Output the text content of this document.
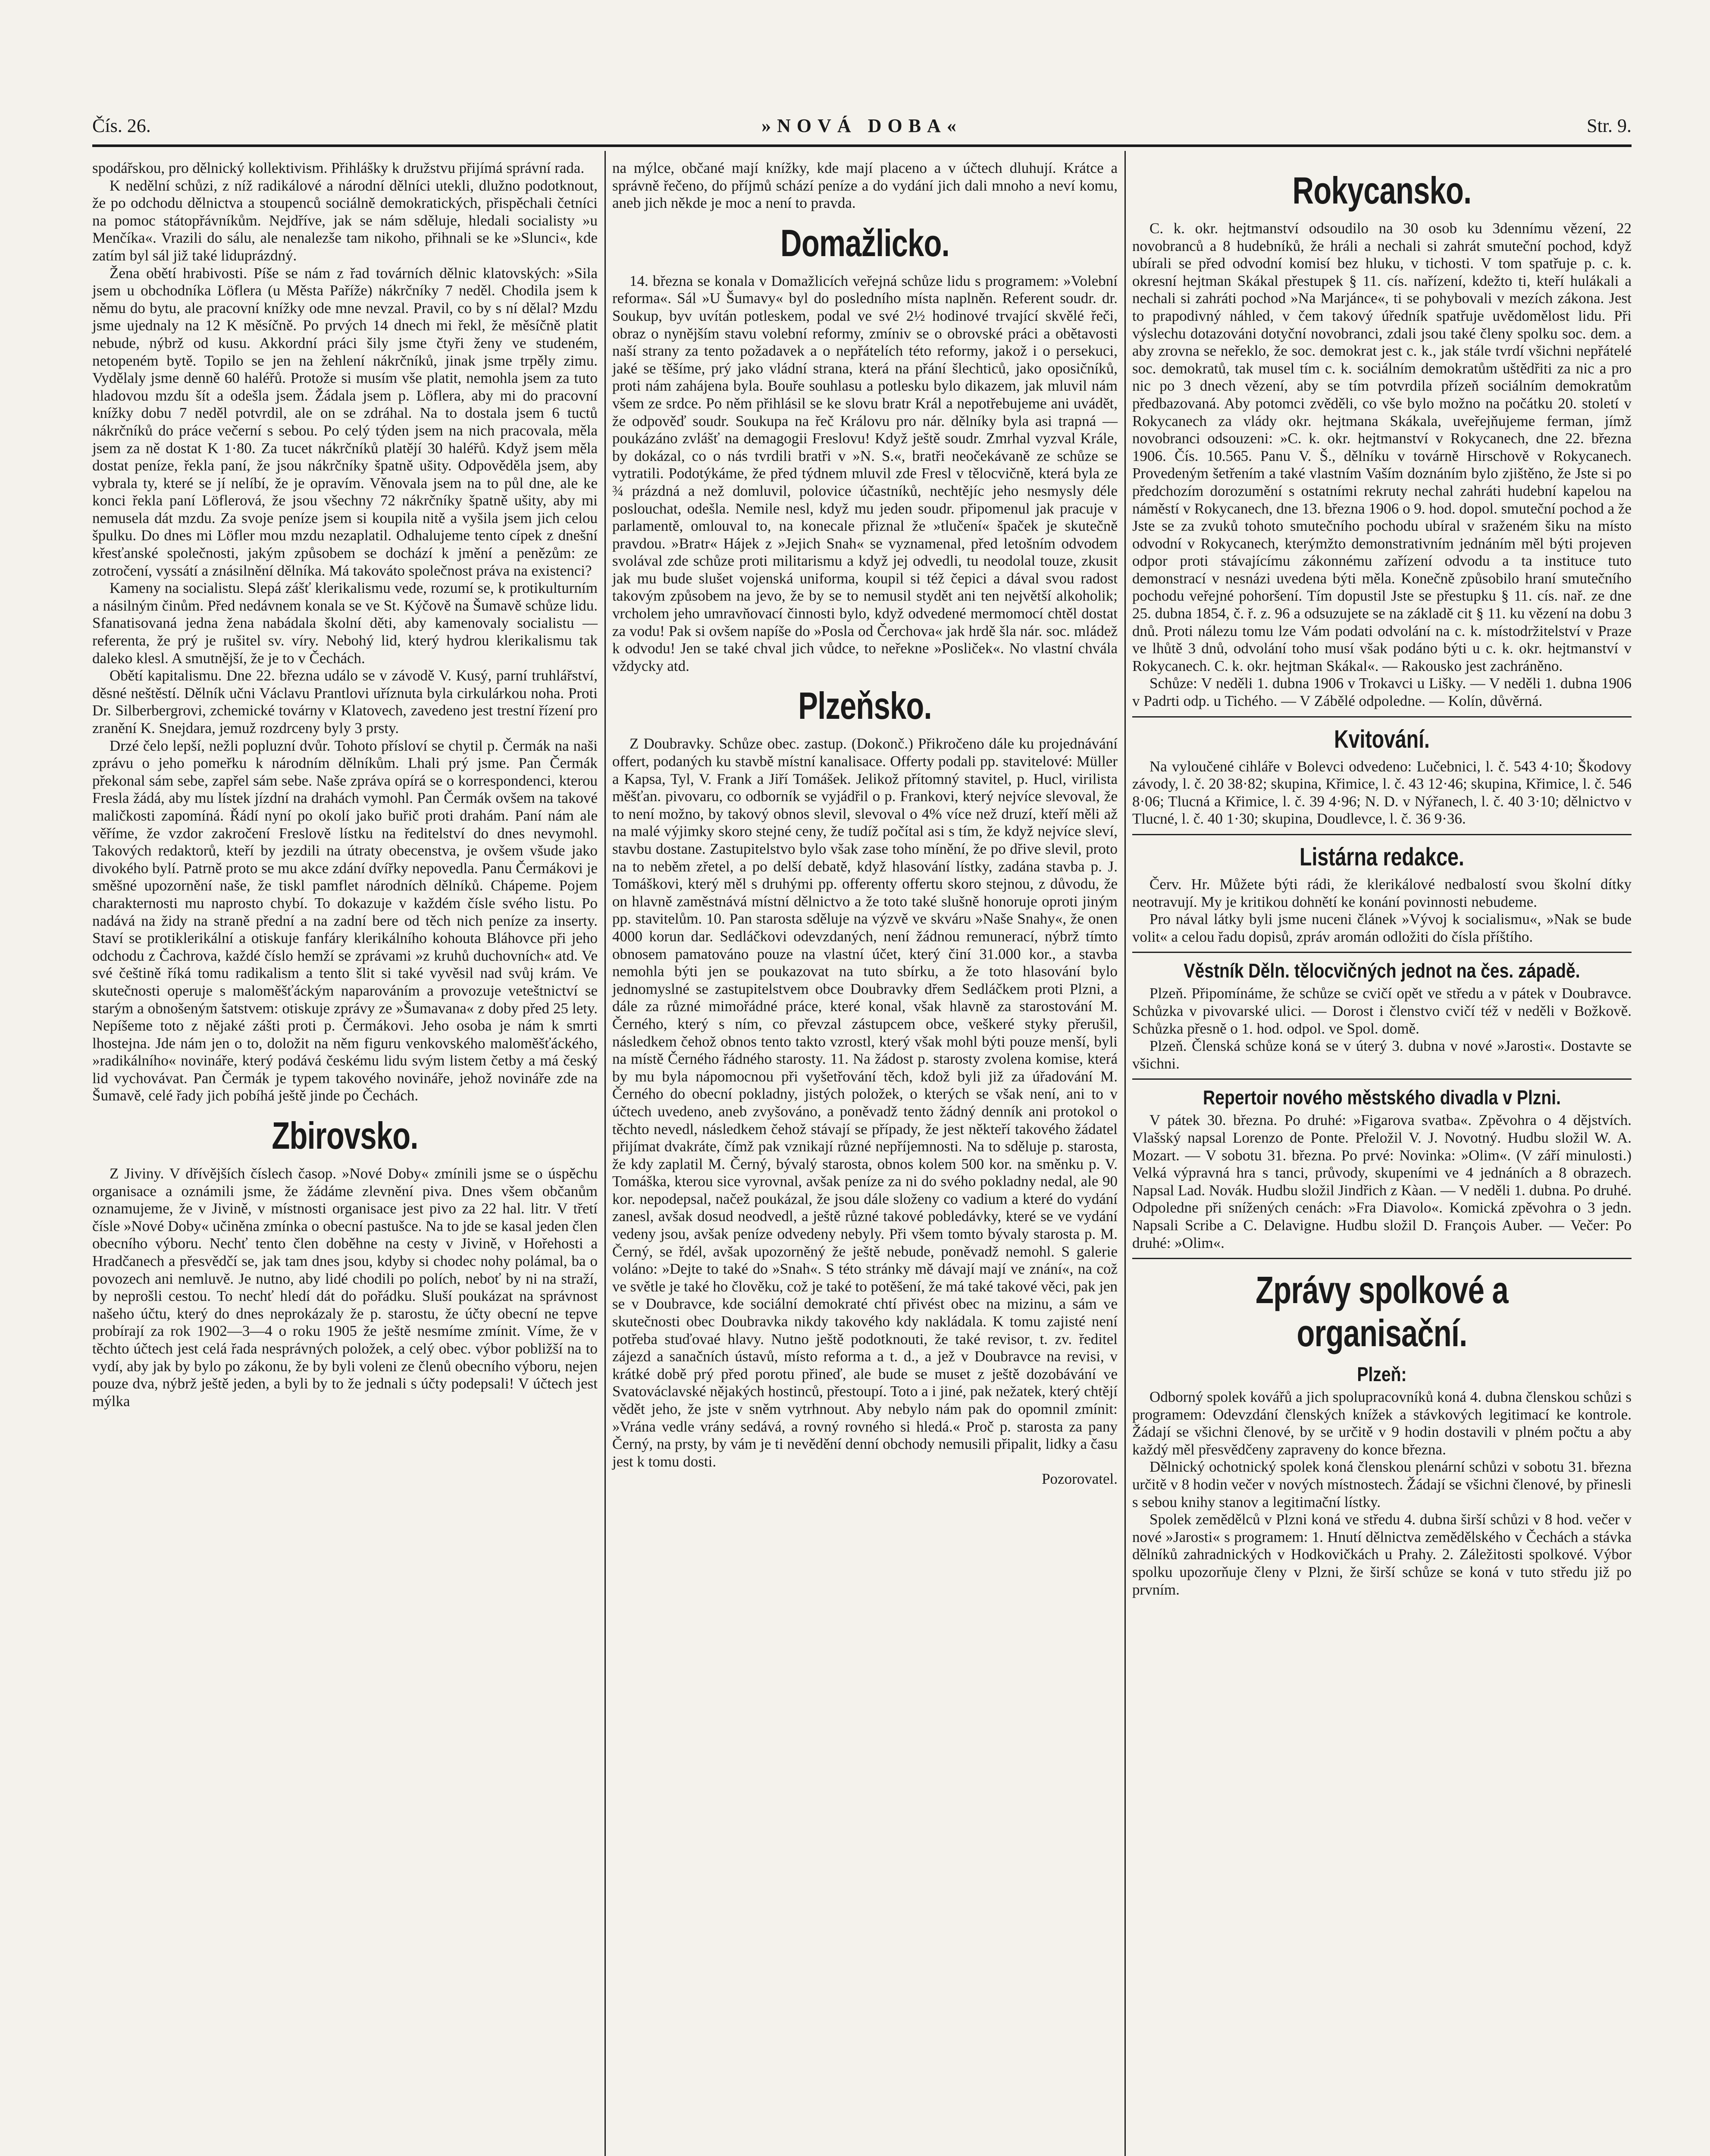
Čís. 26.	»NOVÁ DOBA«	Str. 9.

spodářskou, pro dělnický kollektivism. Přihlášky k družstvu přijímá správní rada.

K nedělní schůzi, z níž radikálové a národní dělníci utekli, dlužno podotknout, že po odchodu dělnictva a stoupenců sociálně demokratických, přispěchali četníci na pomoc státopřávníkům. Nejdříve, jak se nám sděluje, hledali socialisty »u Menčíka«. Vrazili do sálu, ale nenalezše tam nikoho, přihnali se ke »Slunci«, kde zatím byl sál již také liduprázdný.

Žena obětí hrabivosti. Píše se nám z řad továrních dělnic klatovských: »Sila jsem u obchodníka Löflera (u Města Paříže) nákrčníky 7 neděl. Chodila jsem k němu do bytu, ale pracovní knížky ode mne nevzal. Pravil, co by s ní dělal? Mzdu jsme ujednaly na 12 K měsíčně. Po prvých 14 dnech mi řekl, že měsíčně platit nebude, nýbrž od kusu. Akkordní práci šily jsme čtyři ženy ve studeném, netopeném bytě. Topilo se jen na žehlení nákrčníků, jinak jsme trpěly zimu. Vydělaly jsme denně 60 haléřů. Protože si musím vše platit, nemohla jsem za tuto hladovou mzdu šít a odešla jsem. Žádala jsem p. Löflera, aby mi do pracovní knížky dobu 7 neděl potvrdil, ale on se zdráhal. Na to dostala jsem 6 tuctů nákrčníků do práce večerní s sebou. Po celý týden jsem na nich pracovala, měla jsem za ně dostat K 1·80. Za tucet nákrčníků platějí 30 haléřů. Když jsem měla dostat peníze, řekla paní, že jsou nákrčníky špatně ušity. Odpověděla jsem, aby vybrala ty, které se jí nelíbí, že je opravím. Věnovala jsem na to půl dne, ale ke konci řekla paní Löflerová, že jsou všechny 72 nákrčníky špatně ušity, aby mi nemusela dát mzdu. Za svoje peníze jsem si koupila nitě a vyšila jsem jich celou špulku. Do dnes mi Löfler mou mzdu nezaplatil. Odhalujeme tento cípek z dnešní křesťanské společnosti, jakým způsobem se dochází k jmění a penězům: ze zotročení, vyssátí a znásilnění dělníka. Má takováto společnost práva na existenci?

Kameny na socialistu. Slepá zášť klerikalismu vede, rozumí se, k protikulturním a násilným činům. Před nedávnem konala se ve St. Kýčově na Šumavě schůze lidu. Sfanatisovaná jedna žena nabádala školní děti, aby kamenovaly socialistu — referenta, že prý je rušitel sv. víry. Nebohý lid, který hydrou klerikalismu tak daleko klesl. A smutnější, že je to v Čechách.

Obětí kapitalismu. Dne 22. března událo se v závodě V. Kusý, parní truhlářství, děsné neštěstí. Dělník učni Václavu Prantlovi uříznuta byla cirkulárkou noha. Proti Dr. Silberbergrovi, zchemické továrny v Klatovech, zavedeno jest trestní řízení pro zranění K. Snejdara, jemuž rozdrceny byly 3 prsty.

Drzé čelo lepší, nežli popluzní dvůr. Tohoto přísloví se chytil p. Čermák na naši zprávu o jeho pomeřku k národním dělníkům. Lhali prý jsme. Pan Čermák překonal sám sebe, zapřel sám sebe. Naše zpráva opírá se o korrespondenci, kterou Fresla žádá, aby mu lístek jízdní na drahách vymohl. Pan Čermák ovšem na takové maličkosti zapomíná. Řádí nyní po okolí jako buřič proti drahám. Paní nám ale věříme, že vzdor zakročení Freslově lístku na ředitelství do dnes nevymohl. Takových redaktorů, kteří by jezdili na útraty obecenstva, je ovšem všude jako divokého bylí. Patrně proto se mu akce zdání dvířky nepovedla. Panu Čermákovi je směšné upozornění naše, že tiskl pamflet národních dělníků. Chápeme. Pojem charakternosti mu naprosto chybí. To dokazuje v každém čísle svého listu. Po nadává na židy na straně přední a na zadní bere od těch nich peníze za inserty. Staví se protiklerikální a otiskuje fanfáry klerikálního kohouta Bláhovce při jeho odchodu z Čachrova, každé číslo hemží se zprávami »z kruhů duchovních« atd. Ve své češtině říká tomu radikalism a tento šlit si také vyvěsil nad svůj krám. Ve skutečnosti operuje s maloměšťáckým naparováním a provozuje veteštnictví se starým a obnošeným šatstvem: otiskuje zprávy ze »Šumavana« z doby před 25 lety. Nepíšeme toto z nějaké zášti proti p. Čermákovi. Jeho osoba je nám k smrti lhostejna. Jde nám jen o to, doložit na něm figuru venkovského maloměšťáckého, »radikálního« novináře, který podává českému lidu svým listem četby a má český lid vychovávat. Pan Čermák je typem takového novináře, jehož novináře zde na Šumavě, celé řady jich pobíhá ještě jinde po Čechách.

Zbirovsko.

Z Jiviny. V dřívějších číslech časop. »Nové Doby« zmínili jsme se o úspěchu organisace a oznámili jsme, že žádáme zlevnění piva. Dnes všem občanům oznamujeme, že v Jivině, v místnosti organisace jest pivo za 22 hal. litr. V třetí čísle »Nové Doby« učiněna zmínka o obecní pastušce. Na to jde se kasal jeden člen obecního výboru. Nechť tento člen doběhne na cesty v Jivině, v Hořehosti a Hradčanech a přesvědčí se, jak tam dnes jsou, kdyby si chodec nohy polámal, ba o povozech ani nemluvě. Je nutno, aby lidé chodili po polích, neboť by ni na straží, by neprošli cestou. To nechť hledí dát do pořádku. Sluší poukázat na správnost našeho účtu, který do dnes neprokázaly že p. starostu, že účty obecní ne tepve probírají za rok 1902—3—4 o roku 1905 že ještě nesmíme zmínit. Víme, že v těchto účtech jest celá řada nesprávných položek, a celý obec. výbor pobližší na to vydí, aby jak by bylo po zákonu, že by byli voleni ze členů obecního výboru, nejen pouze dva, nýbrž ještě jeden, a byli by to že jednali s účty podepsali! V účtech jest mýlka

na mýlce, občané mají knížky, kde mají placeno a v účtech dluhují. Krátce a správně řečeno, do příjmů schází peníze a do vydání jich dali mnoho a neví komu, aneb jich někde je moc a není to pravda.

Domažlicko.

14. března se konala v Domažlicích veřejná schůze lidu s programem: »Volební reforma«. Sál »U Šumavy« byl do posledního místa naplněn. Referent soudr. dr. Soukup, byv uvítán potleskem, podal ve své 2½ hodinové trvající skvělé řeči, obraz o nynějším stavu volební reformy, zmíniv se o obrovské práci a obětavosti naší strany za tento požadavek a o nepřátelích této reformy, jakož i o persekuci, jaké se těšíme, prý jako vládní strana, která na přání šlechticů, jako oposičníků, proti nám zahájena byla. Bouře souhlasu a potlesku bylo dikazem, jak mluvil nám všem ze srdce. Po něm přihlásil se ke slovu bratr Král a nepotřebujeme ani uvádět, že odpověď soudr. Soukupa na řeč Královu pro nár. dělníky byla asi trapná — poukázáno zvlášť na demagogii Freslovu! Když ještě soudr. Zmrhal vyzval Krále, by dokázal, co o nás tvrdili bratři v »N. S.«, bratři neočekávaně ze schůze se vytratili. Podotýkáme, že před týdnem mluvil zde Fresl v tělocvičně, která byla ze ¾ prázdná a než domluvil, polovice účastníků, nechtějíc jeho nesmysly déle poslouchat, odešla. Nemile nesl, když mu jeden soudr. připomenul jak pracuje v parlamentě, omlouval to, na konecale přiznal že »tlučení« špaček je skutečně pravdou. »Bratr« Hájek z »Jejich Snah« se vyznamenal, před letošním odvodem svolával zde schůze proti militarismu a když jej odvedli, tu neodolal touze, zkusit jak mu bude slušet vojenská uniforma, koupil si též čepici a dával svou radost takovým způsobem na jevo, že by se to nemusil stydět ani ten největší alkoholik; vrcholem jeho umravňovací činnosti bylo, když odvedené mermomocí chtěl dostat za vodu! Pak si ovšem napíše do »Posla od Čerchova« jak hrdě šla nár. soc. mládež k odvodu! Jen se také chval jich vůdce, to neřekne »Posliček«. No vlastní chvála vždycky atd.

Plzeňsko.

Z Doubravky. Schůze obec. zastup. (Dokonč.) Přikročeno dále ku projednávání offert, podaných ku stavbě místní kanalisace. Offerty podali pp. stavitelové: Müller a Kapsa, Tyl, V. Frank a Jiří Tomášek. Jelikož přítomný stavitel, p. Hucl, virilista měšťan. pivovaru, co odborník se vyjádřil o p. Frankovi, který nejvíce slevoval, že to není možno, by takový obnos slevil, slevoval o 4% více než druzí, kteří měli až na malé výjimky skoro stejné ceny, že tudíž počítal asi s tím, že když nejvíce sleví, stavbu dostane. Zastupitelstvo bylo však zase toho mínění, že po dřive slevil, proto na to neběm zřetel, a po delší debatě, když hlasování lístky, zadána stavba p. J. Tomáškovi, který měl s druhými pp. offerenty offertu skoro stejnou, z důvodu, že on hlavně zaměstnává místní dělnictvo a že toto také slušně honoruje oproti jiným pp. stavitelům. 10. Pan starosta sděluje na výzvě ve skváru »Naše Snahy«, že onen 4000 korun dar. Sedláčkovi odevzdaných, není žádnou remunerací, nýbrž tímto obnosem pamatováno pouze na vlastní účet, který činí 31.000 kor., a stavba nemohla býti jen se poukazovat na tuto sbírku, a že toto hlasování bylo jednomyslné se zastupitelstvem obce Doubravky dřem Sedláčkem proti Plzni, a dále za různé mimořádné práce, které konal, však hlavně za starostování M. Černého, který s ním, co převzal zástupcem obce, veškeré styky přerušil, následkem čehož obnos tento takto vzrostl, který však mohl býti pouze menší, byli na místě Černého řádného starosty. 11. Na žádost p. starosty zvolena komise, která by mu byla nápomocnou při vyšetřování těch, kdož byli již za úřadování M. Černého do obecní pokladny, jistých položek, o kterých se však není, ani to v účtech uvedeno, aneb zvyšováno, a poněvadž tento žádný denník ani protokol o těchto nevedl, následkem čehož stávají se případy, že jest někteří takového žádatel přijímat dvakráte, čímž pak vznikají různé nepříjemnosti. Na to sděluje p. starosta, že kdy zaplatil M. Černý, bývalý starosta, obnos kolem 500 kor. na směnku p. V. Tomáška, kterou sice vyrovnal, avšak peníze za ni do svého pokladny nedal, ale 90 kor. nepodepsal, načež poukázal, že jsou dále složeny co vadium a které do vydání zanesl, avšak dosud neodvedl, a ještě různé takové pobledávky, které se ve vydání vedeny jsou, avšak peníze odvedeny nebyly. Při všem tomto bývaly starosta p. M. Černý, se řdél, avšak upozorněný že ještě nebude, poněvadž nemohl. S galerie voláno: »Dejte to také do »Snah«. S této stránky mě dávají mají ve znání«, na což ve světle je také ho člověku, což je také to potěšení, že má také takové věci, pak jen se v Doubravce, kde sociální demokraté chtí přivést obec na mizinu, a sám ve skutečnosti obec Doubravka nikdy takového kdy nakládala. K tomu zajisté není potřeba stuďovaé hlavy. Nutno ještě podotknouti, že také revisor, t. zv. ředitel zájezd a sanačních ústavů, místo reforma a t. d., a jež v Doubravce na revisi, v krátké době prý před porotu přineď, ale bude se muset z ještě dozobávání ve Svatováclavské nějakých hostinců, přestoupí. Toto a i jiné, pak nežatek, který chtějí vědět jeho, že jste v sněm vytrhnout. Aby nebylo nám pak do opomnil zmínit: »Vrána vedle vrány sedává, a rovný rovného si hledá.« Proč p. starosta za pany Černý, na prsty, by vám je ti nevědění denní obchody nemusili připalit, lidky a času jest k tomu dosti.

Pozorovatel.

Rokycansko.

C. k. okr. hejtmanství odsoudilo na 30 osob ku 3dennímu vězení, 22 novobranců a 8 hudebníků, že hráli a nechali si zahrát smuteční pochod, když ubírali se před odvodní komisí bez hluku, v tichosti. V tom spatřuje p. c. k. okresní hejtman Skákal přestupek § 11. cís. nařízení, kdežto ti, kteří hulákali a nechali si zahráti pochod »Na Marjánce«, ti se pohybovali v mezích zákona. Jest to prapodivný náhled, v čem takový úředník spatřuje uvědomělost lidu. Při výslechu dotazováni dotyční novobranci, zdali jsou také členy spolku soc. dem. a aby zrovna se neřeklo, že soc. demokrat jest c. k., jak stále tvrdí všichni nepřátelé soc. demokratů, tak musel tím c. k. sociálním demokratům uštědřiti za nic a pro nic po 3 dnech vězení, aby se tím potvrdila přízeň sociálním demokratům předbazovaná. Aby potomci zvěděli, co vše bylo možno na počátku 20. století v Rokycanech za vlády okr. hejtmana Skákala, uveřejňujeme ferman, jímž novobranci odsouzeni: »C. k. okr. hejtmanství v Rokycanech, dne 22. března 1906. Čís. 10.565. Panu V. Š., dělníku v továrně Hirschově v Rokycanech. Provedeným šetřením a také vlastním Vaším doznáním bylo zjištěno, že Jste si po předchozím dorozumění s ostatními rekruty nechal zahráti hudební kapelou na náměstí v Rokycanech, dne 13. března 1906 o 9. hod. dopol. smuteční pochod a že Jste se za zvuků tohoto smutečního pochodu ubíral v sraženém šiku na místo odvodní v Rokycanech, kterýmžto demonstrativním jednáním měl býti projeven odpor proti stávajícímu zákonnému zařízení odvodu a ta instituce tuto demonstrací v nesnázi uvedena býti měla. Konečně způsobilo hraní smutečního pochodu veřejné pohoršení. Tím dopustil Jste se přestupku § 11. cís. nař. ze dne 25. dubna 1854, č. ř. z. 96 a odsuzujete se na základě cit § 11. ku vězení na dobu 3 dnů. Proti nálezu tomu lze Vám podati odvolání na c. k. místodržitelství v Praze ve lhůtě 3 dnů, odvolání toho musí však podáno býti u c. k. okr. hejtmanství v Rokycanech. C. k. okr. hejtman Skákal«. — Rakousko jest zachráněno.

Schůze: V neděli 1. dubna 1906 v Trokavci u Lišky. — V neděli 1. dubna 1906 v Padrti odp. u Tichého. — V Zábělé odpoledne. — Kolín, důvěrná.

Kvitování.

Na vyloučené cihláře v Bolevci odvedeno: Lučebnici, l. č. 543 4·10; Škodovy závody, l. č. 20 38·82; skupina, Křimice, l. č. 43 12·46; skupina, Křimice, l. č. 546 8·06; Tlucná a Křimice, l. č. 39 4·96; N. D. v Nýřanech, l. č. 40 3·10; dělnictvo v Tlucné, l. č. 40 1·30; skupina, Doudlevce, l. č. 36 9·36.

Listárna redakce.

Červ. Hr. Můžete býti rádi, že klerikálové nedbalostí svou školní dítky neotravují. My je kritikou dohnětí ke konání povinnosti nebudeme.

Pro nával látky byli jsme nuceni článek »Vývoj k socialismu«, »Nak se bude volit« a celou řadu dopisů, zpráv aromán odložiti do čísla příštího.

Věstník Děln. tělocvičných jednot na čes. západě.

Plzeň. Připomínáme, že schůze se cvičí opět ve středu a v pátek v Doubravce. Schůzka v pivovarské ulici. — Dorost i členstvo cvičí též v neděli v Božkově. Schůzka přesně o 1. hod. odpol. ve Spol. domě.

Plzeň. Členská schůze koná se v úterý 3. dubna v nové »Jarosti«. Dostavte se všichni.

Repertoir nového městského divadla v Plzni.

V pátek 30. března. Po druhé: »Figarova svatba«. Zpěvohra o 4 dějstvích. Vlašský napsal Lorenzo de Ponte. Přeložil V. J. Novotný. Hudbu složil W. A. Mozart. — V sobotu 31. března. Po prvé: Novinka: »Olim«. (V září minulosti.) Velká výpravná hra s tanci, průvody, skupeními ve 4 jednáních a 8 obrazech. Napsal Lad. Novák. Hudbu složil Jindřich z Kàan. — V neděli 1. dubna. Po druhé. Odpoledne při snížených cenách: »Fra Diavolo«. Komická zpěvohra o 3 jedn. Napsali Scribe a C. Delavigne. Hudbu složil D. François Auber. — Večer: Po druhé: »Olim«.

Zprávy spolkové a organisační.
Plzeň:

Odborný spolek kovářů a jich spolupracovníků koná 4. dubna členskou schůzi s programem: Odevzdání členských knížek a stávkových legitimací ke kontrole. Žádají se všichni členové, by se určitě v 9 hodin dostavili v plném počtu a aby každý měl přesvědčeny zapraveny do konce března.

Dělnický ochotnický spolek koná členskou plenární schůzi v sobotu 31. března určitě v 8 hodin večer v nových místnostech. Žádají se všichni členové, by přinesli s sebou knihy stanov a legitimační lístky.

Spolek zemědělců v Plzni koná ve středu 4. dubna širší schůzi v 8 hod. večer v nové »Jarosti« s programem: 1. Hnutí dělnictva zemědělského v Čechách a stávka dělníků zahradnických v Hodkovičkách u Prahy. 2. Záležitosti spolkové. Výbor spolku upozorňuje členy v Plzni, že širší schůze se koná v tuto středu již po prvním.
